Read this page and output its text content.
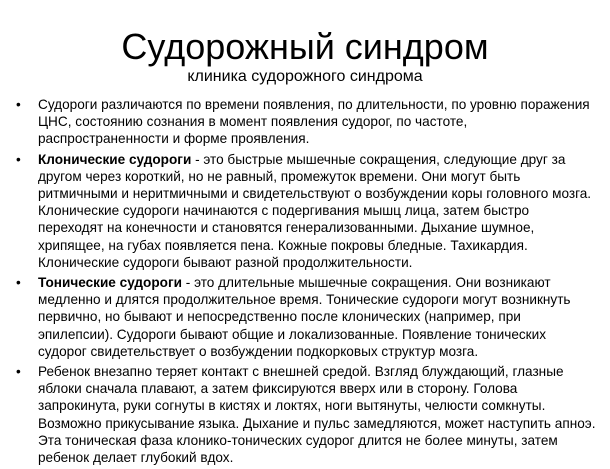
Судорожный синдром

клиника судорожного синдрома

• Судороги различаются по времени появления, по длительности, по уровню поражения ЦНС, состоянию сознания в момент появления судорог, по частоте, распространенности и форме проявления.
• Клонические судороги - это быстрые мышечные сокращения, следующие друг за другом через короткий, но не равный, промежуток времени. Они могут быть ритмичными и неритмичными и свидетельствуют о возбуждении коры головного мозга. Клонические судороги начинаются с подергивания мышц лица, затем быстро переходят на конечности и становятся генерализованными. Дыхание шумное, хрипящее, на губах появляется пена. Кожные покровы бледные. Тахикардия. Клонические судороги бывают разной продолжительности.
• Тонические судороги - это длительные мышечные сокращения. Они возникают медленно и длятся продолжительное время. Тонические судороги могут возникнуть первично, но бывают и непосредственно после клонических (например, при эпилепсии). Судороги бывают общие и локализованные. Появление тонических судорог свидетельствует о возбуждении подкорковых структур мозга.
• Ребенок внезапно теряет контакт с внешней средой. Взгляд блуждающий, глазные яблоки сначала плавают, а затем фиксируются вверх или в сторону. Голова запрокинута, руки согнуты в кистях и локтях, ноги вытянуты, челюсти сомкнуты. Возможно прикусывание языка. Дыхание и пульс замедляются, может наступить апноэ. Эта тоническая фаза клонико-тонических судорог длится не более минуты, затем ребенок делает глубокий вдох.
